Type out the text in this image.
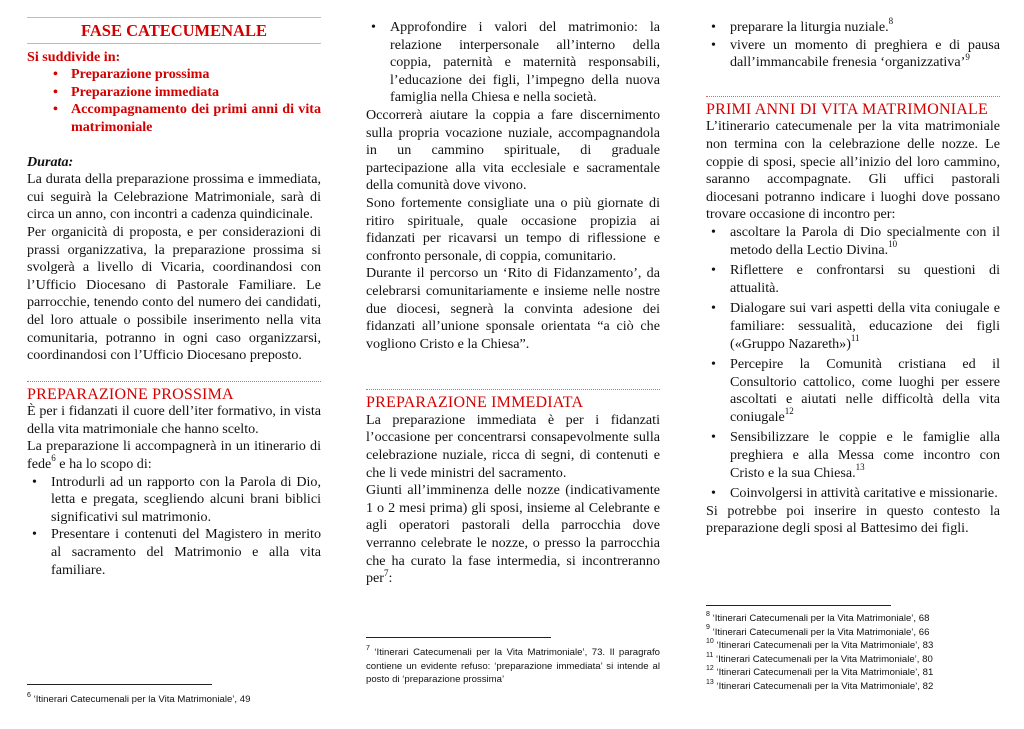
FASE CATECUMENALE
Si suddivide in:
• Preparazione prossima
• Preparazione immediata
• Accompagnamento dei primi anni di vita matrimoniale
Durata:

La durata della preparazione prossima e immediata, cui seguirà la Celebrazione Matrimoniale, sarà di circa un anno, con incontri a cadenza quindicinale.

Per organicità di proposta, e per considerazioni di prassi organizzativa, la preparazione prossima si svolgerà a livello di Vicaria, coordinandosi con l’Ufficio Diocesano di Pastorale Familiare. Le parrocchie, tenendo conto del numero dei candidati, del loro attuale o possibile inserimento nella vita comunitaria, potranno in ogni caso organizzarsi, coordinandosi con l’Ufficio Diocesano preposto.

PREPARAZIONE PROSSIMA

È per i fidanzati il cuore dell’iter formativo, in vista della vita matrimoniale che hanno scelto.

La preparazione li accompagnerà in un itinerario di fede$^6$ e ha lo scopo di:

• Introdurli ad un rapporto con la Parola di Dio, letta e pregata, scegliendo alcuni brani biblici significativi sul matrimonio.
• Presentare i contenuti del Magistero in merito al sacramento del Matrimonio e alla vita familiare.
$^6$ ‘Itinerari Catecumenali per la Vita Matrimoniale’, 49
• Approfondire i valori del matrimonio: la relazione interpersonale all’interno della coppia, paternità e maternità responsabili, l’educazione dei figli, l’impegno della nuova famiglia nella Chiesa e nella società.

Occorrerà aiutare la coppia a fare discernimento sulla propria vocazione nuziale, accompagnandola in un cammino spirituale, di graduale partecipazione alla vita ecclesiale e sacramentale della comunità dove vivono.

Sono fortemente consigliate una o più giornate di ritiro spirituale, quale occasione propizia ai fidanzati per ricavarsi un tempo di riflessione e confronto personale, di coppia, comunitario.

Durante il percorso un ‘Rito di Fidanzamento’, da celebrarsi comunitariamente e insieme nelle nostre due diocesi, segnerà la convinta adesione dei fidanzati all’unione sponsale orientata “a ciò che vogliono Cristo e la Chiesa”.

PREPARAZIONE IMMEDIATA

La preparazione immediata è per i fidanzati l’occasione per concentrarsi consapevolmente sulla celebrazione nuziale, ricca di segni, di contenuti e che li vede ministri del sacramento.

Giunti all’imminenza delle nozze (indicativamente 1 o 2 mesi prima) gli sposi, insieme al Celebrante e agli operatori pastorali della parrocchia dove verranno celebrate le nozze, o presso la parrocchia che ha curato la fase intermedia, si incontreranno per$^7$:

$^7$ ‘Itinerari Catecumenali per la Vita Matrimoniale’, 73. Il paragrafo contiene un evidente refuso: ‘preparazione immediata’ si intende al posto di ‘preparazione prossima’
• preparare la liturgia nuziale.$^8$
• vivere un momento di preghiera e di pausa dall’immancabile frenesia ‘organizzativa’$^9$
PRIMI ANNI DI VITA MATRIMONIALE

L’itinerario catecumenale per la vita matrimoniale non termina con la celebrazione delle nozze. Le coppie di sposi, specie all’inizio del loro cammino, saranno accompagnate. Gli uffici pastorali diocesani potranno indicare i luoghi dove possano trovare occasione di incontro per:

• ascoltare la Parola di Dio specialmente con il metodo della Lectio Divina.$^{10}$
• Riflettere e confrontarsi su questioni di attualità.
• Dialogare sui vari aspetti della vita coniugale e familiare: sessualità, educazione dei figli («Gruppo Nazareth»)$^{11}$
• Percepire la Comunità cristiana ed il Consultorio cattolico, come luoghi per essere ascoltati e aiutati nelle difficoltà della vita coniugale$^{12}$
• Sensibilizzare le coppie e le famiglie alla preghiera e alla Messa come incontro con Cristo e la sua Chiesa.$^{13}$
• Coinvolgersi in attività caritative e missionarie.

Si potrebbe poi inserire in questo contesto la preparazione degli sposi al Battesimo dei figli.

$^8$ ‘Itinerari Catecumenali per la Vita Matrimoniale’, 68
$^9$ ‘Itinerari Catecumenali per la Vita Matrimoniale’, 66
$^{10}$ ‘Itinerari Catecumenali per la Vita Matrimoniale’, 83
$^{11}$ ‘Itinerari Catecumenali per la Vita Matrimoniale’, 80
$^{12}$ ‘Itinerari Catecumenali per la Vita Matrimoniale’, 81
$^{13}$ ‘Itinerari Catecumenali per la Vita Matrimoniale’, 82
